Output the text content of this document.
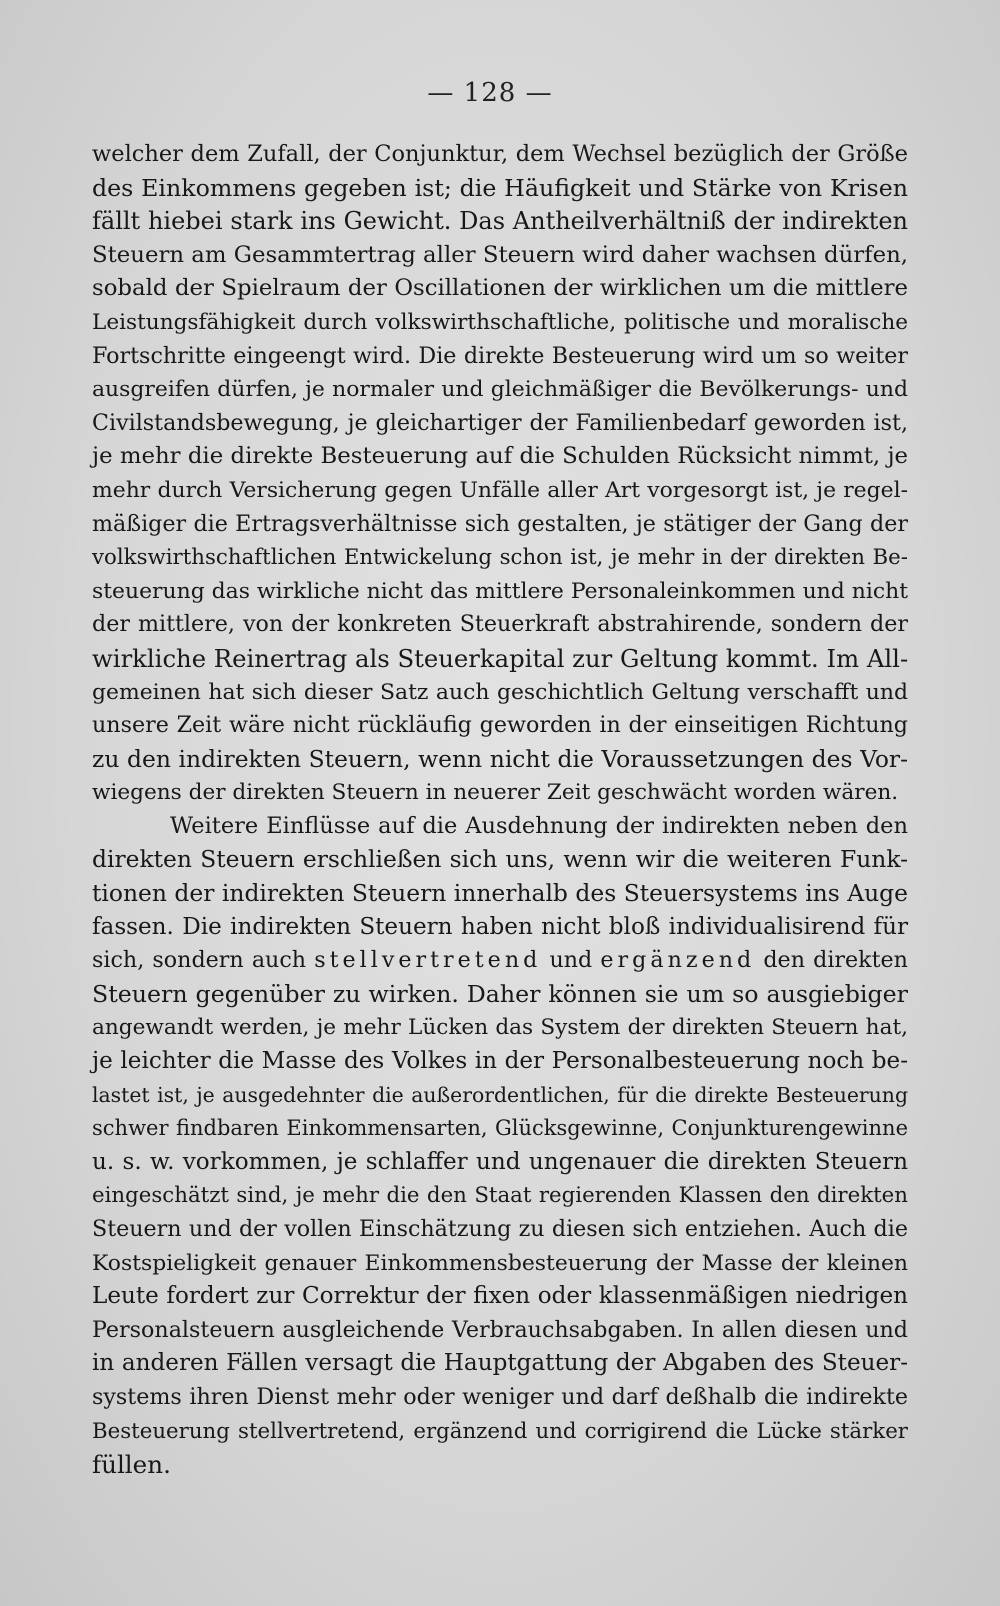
— 128 —
welcher dem Zufall, der Conjunktur, dem Wechsel bezüglich der Größe
des Einkommens gegeben ist; die Häufigkeit und Stärke von Krisen
fällt hiebei stark ins Gewicht. Das Antheilverhältniß der indirekten
Steuern am Gesammtertrag aller Steuern wird daher wachsen dürfen,
sobald der Spielraum der Oscillationen der wirklichen um die mittlere
Leistungsfähigkeit durch volkswirthschaftliche, politische und moralische
Fortschritte eingeengt wird. Die direkte Besteuerung wird um so weiter
ausgreifen dürfen, je normaler und gleichmäßiger die Bevölkerungs- und
Civilstandsbewegung, je gleichartiger der Familienbedarf geworden ist,
je mehr die direkte Besteuerung auf die Schulden Rücksicht nimmt, je
mehr durch Versicherung gegen Unfälle aller Art vorgesorgt ist, je regel-
mäßiger die Ertragsverhältnisse sich gestalten, je stätiger der Gang der
volkswirthschaftlichen Entwickelung schon ist, je mehr in der direkten Be-
steuerung das wirkliche nicht das mittlere Personaleinkommen und nicht
der mittlere, von der konkreten Steuerkraft abstrahirende, sondern der
wirkliche Reinertrag als Steuerkapital zur Geltung kommt. Im All-
gemeinen hat sich dieser Satz auch geschichtlich Geltung verschafft und
unsere Zeit wäre nicht rückläufig geworden in der einseitigen Richtung
zu den indirekten Steuern, wenn nicht die Voraussetzungen des Vor-
wiegens der direkten Steuern in neuerer Zeit geschwächt worden wären.
Weitere Einflüsse auf die Ausdehnung der indirekten neben den
direkten Steuern erschließen sich uns, wenn wir die weiteren Funk-
tionen der indirekten Steuern innerhalb des Steuersystems ins Auge
fassen. Die indirekten Steuern haben nicht bloß individualisirend für
sich, sondern auch stellvertretend und ergänzend den direkten
Steuern gegenüber zu wirken. Daher können sie um so ausgiebiger
angewandt werden, je mehr Lücken das System der direkten Steuern hat,
je leichter die Masse des Volkes in der Personalbesteuerung noch be-
lastet ist, je ausgedehnter die außerordentlichen, für die direkte Besteuerung
schwer findbaren Einkommensarten, Glücksgewinne, Conjunkturengewinne
u. s. w. vorkommen, je schlaffer und ungenauer die direkten Steuern
eingeschätzt sind, je mehr die den Staat regierenden Klassen den direkten
Steuern und der vollen Einschätzung zu diesen sich entziehen. Auch die
Kostspieligkeit genauer Einkommensbesteuerung der Masse der kleinen
Leute fordert zur Correktur der fixen oder klassenmäßigen niedrigen
Personalsteuern ausgleichende Verbrauchsabgaben. In allen diesen und
in anderen Fällen versagt die Hauptgattung der Abgaben des Steuer-
systems ihren Dienst mehr oder weniger und darf deßhalb die indirekte
Besteuerung stellvertretend, ergänzend und corrigirend die Lücke stärker
füllen.
